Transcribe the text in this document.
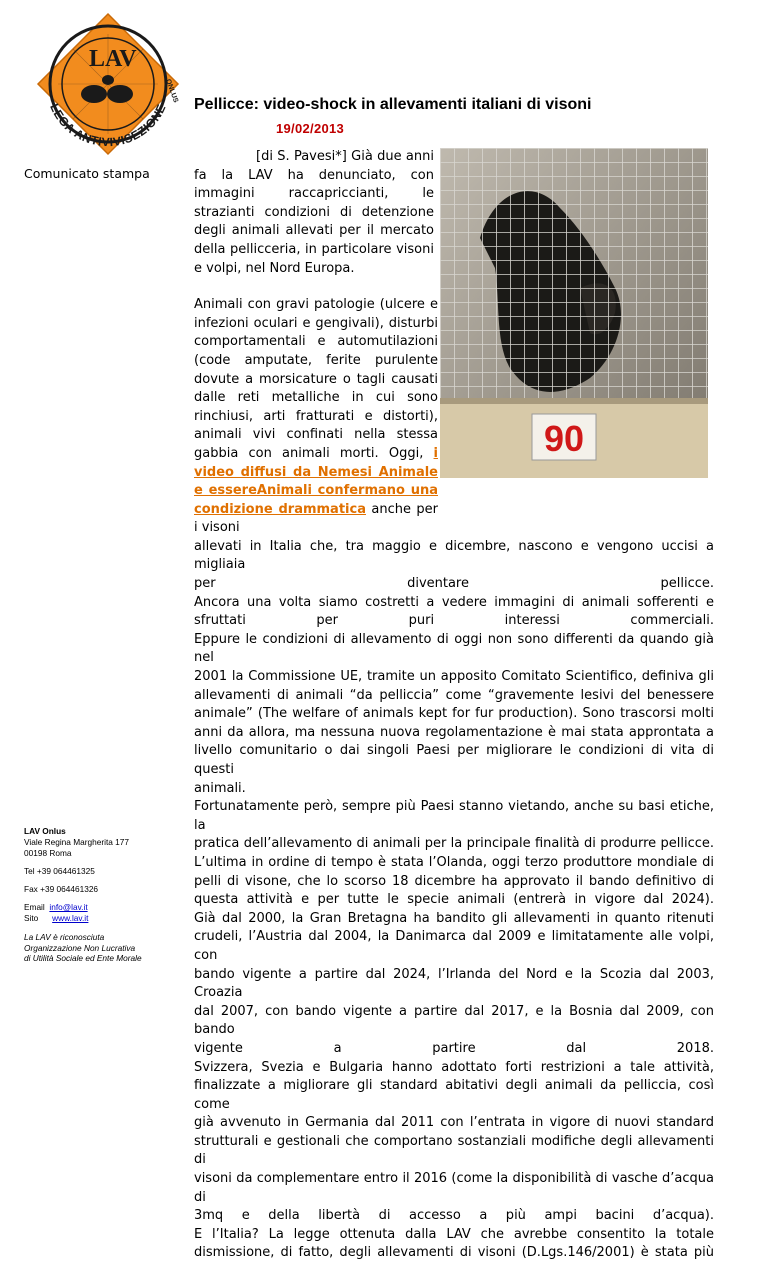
LAV
LEGA ANTIVIVISEZIONE
ONLUS
Pellicce: video-shock in allevamenti italiani di visoni
19/02/2013
Comunicato stampa
LAV Onlus
Viale Regina Margherita 177
00198 Roma
Tel +39 064461325
Fax +39 064461326
Email info@lav.it
Sito www.lav.it
La LAV è riconosciuta
Organizzazione Non Lucrativa
di Utilità Sociale ed Ente Morale
90

[di S. Pavesi*] Già due anni fa la LAV ha denunciato, con immagini raccapriccianti, le strazianti condizioni di detenzione degli animali allevati per il mercato della pellicceria, in particolare visoni e volpi, nel Nord Europa.

Animali con gravi patologie (ulcere e infezioni oculari e gengivali), disturbi comportamentali e automutilazioni (code amputate, ferite purulente dovute a morsicature o tagli causati dalle reti metalliche in cui sono rinchiusi, arti fratturati e distorti), animali vivi confinati nella stessa gabbia con animali morti. Oggi, i video diffusi da Nemesi Animale e essereAnimali confermano una condizione drammatica anche per i visoni

allevati in Italia che, tra maggio e dicembre, nascono e vengono uccisi a migliaia
per diventare pellicce.
Ancora una volta siamo costretti a vedere immagini di animali sofferenti e
sfruttati per puri interessi commerciali.
Eppure le condizioni di allevamento di oggi non sono differenti da quando già nel
2001 la Commissione UE, tramite un apposito Comitato Scientifico, definiva gli
allevamenti di animali “da pelliccia” come “gravemente lesivi del benessere
animale” (The welfare of animals kept for fur production). Sono trascorsi molti
anni da allora, ma nessuna nuova regolamentazione è mai stata approntata a
livello comunitario o dai singoli Paesi per migliorare le condizioni di vita di questi
animali.
Fortunatamente però, sempre più Paesi stanno vietando, anche su basi etiche, la
pratica dell’allevamento di animali per la principale finalità di produrre pellicce.
L’ultima in ordine di tempo è stata l’Olanda, oggi terzo produttore mondiale di
pelli di visone, che lo scorso 18 dicembre ha approvato il bando definitivo di
questa attività e per tutte le specie animali (entrerà in vigore dal 2024).
Già dal 2000, la Gran Bretagna ha bandito gli allevamenti in quanto ritenuti
crudeli, l’Austria dal 2004, la Danimarca dal 2009 e limitatamente alle volpi, con
bando vigente a partire dal 2024, l’Irlanda del Nord e la Scozia dal 2003, Croazia
dal 2007, con bando vigente a partire dal 2017, e la Bosnia dal 2009, con bando
vigente a partire dal 2018.
Svizzera, Svezia e Bulgaria hanno adottato forti restrizioni a tale attività,
finalizzate a migliorare gli standard abitativi degli animali da pelliccia, così come
già avvenuto in Germania dal 2011 con l’entrata in vigore di nuovi standard
strutturali e gestionali che comportano sostanziali modifiche degli allevamenti di
visoni da complementare entro il 2016 (come la disponibilità di vasche d’acqua di
3mq e della libertà di accesso a più ampi bacini d’acqua).
E l’Italia? La legge ottenuta dalla LAV che avrebbe consentito la totale
dismissione, di fatto, degli allevamenti di visoni (D.Lgs.146/2001) è stata più
